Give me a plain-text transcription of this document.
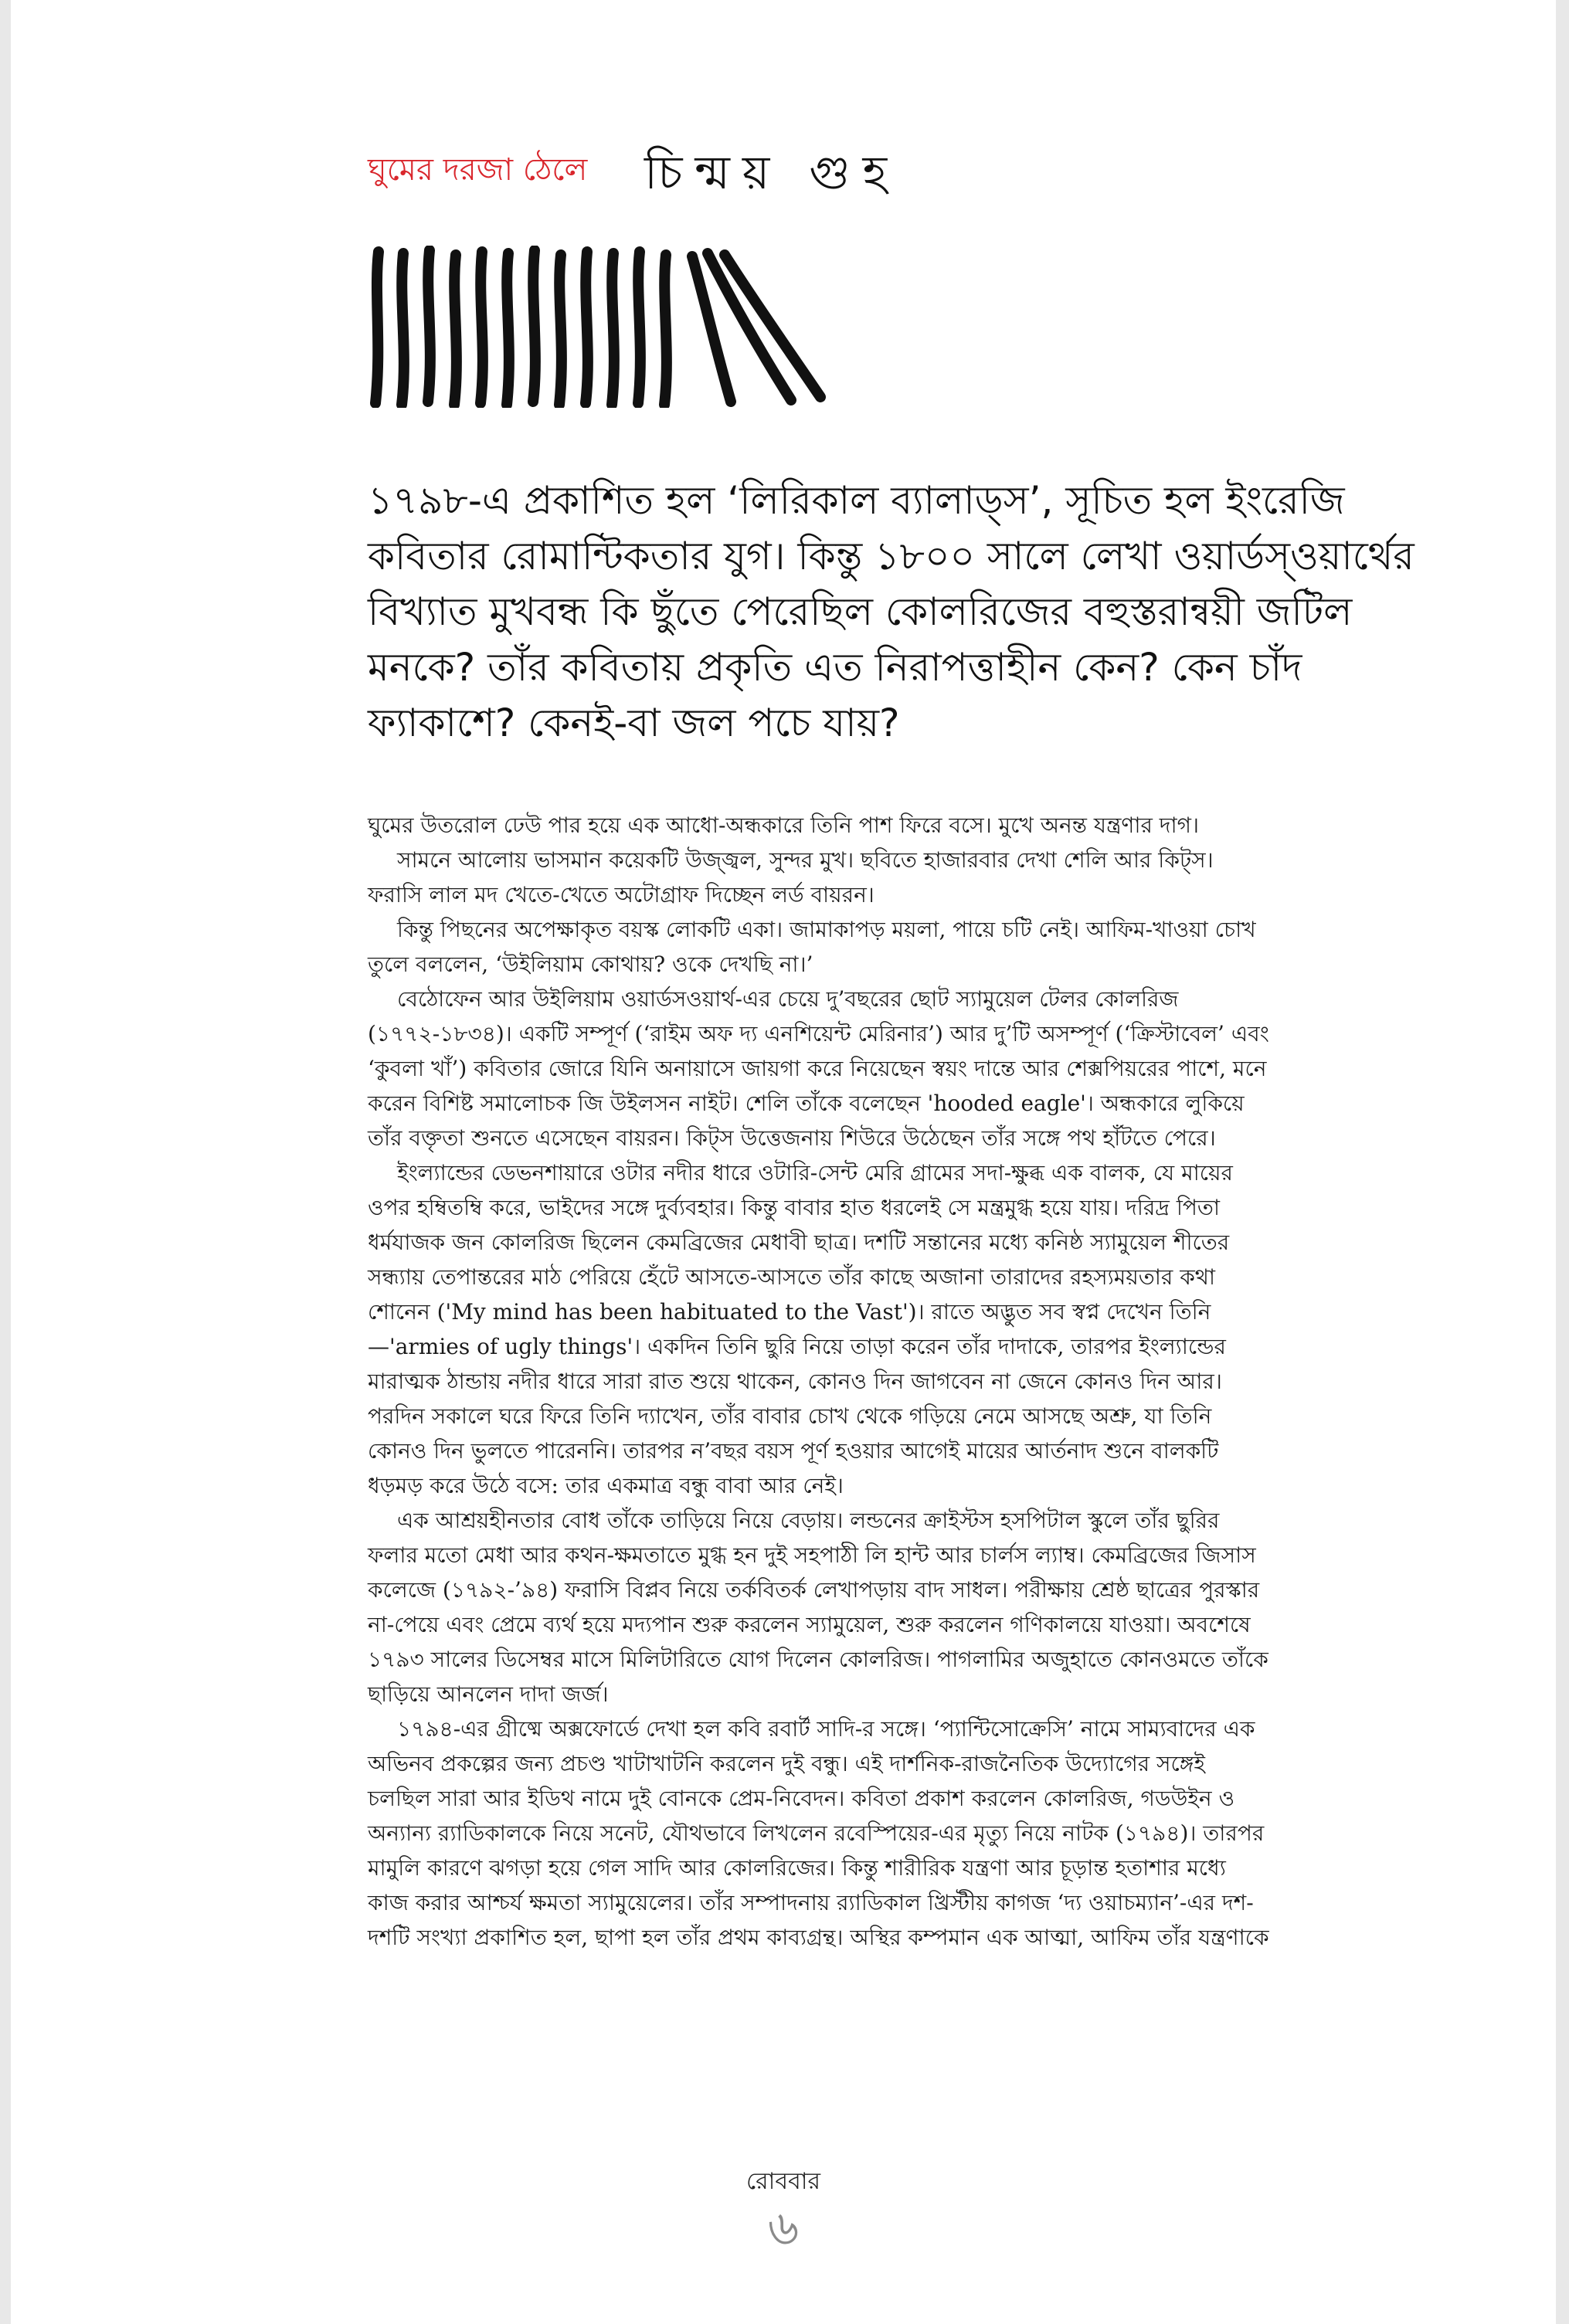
ঘুমের দরজা ঠেলে চিন্ময় গুহ
১৭৯৮-এ প্রকাশিত হল ‘লিরিকাল ব্যালাড্‌স’, সূচিত হল ইংরেজি কবিতার রোমান্টিকতার যুগ। কিন্তু ১৮০০ সালে লেখা ওয়ার্ডস্‌ওয়ার্থের বিখ্যাত মুখবন্ধ কি ছুঁতে পেরেছিল কোলরিজের বহুস্তরান্বয়ী জটিল মনকে? তাঁর কবিতায় প্রকৃতি এত নিরাপত্তাহীন কেন? কেন চাঁদ ফ্যাকাশে? কেনই-বা জল পচে যায়?

ঘুমের উতরোল ঢেউ পার হয়ে এক আধো-অন্ধকারে তিনি পাশ ফিরে বসে। মুখে অনন্ত যন্ত্রণার দাগ।

সামনে আলোয় ভাসমান কয়েকটি উজ্জ্বল, সুন্দর মুখ। ছবিতে হাজারবার দেখা শেলি আর কিট্‌স। ফরাসি লাল মদ খেতে-খেতে অটোগ্রাফ দিচ্ছেন লর্ড বায়রন।

কিন্তু পিছনের অপেক্ষাকৃত বয়স্ক লোকটি একা। জামাকাপড় ময়লা, পায়ে চটি নেই। আফিম-খাওয়া চোখ তুলে বললেন, ‘উইলিয়াম কোথায়? ওকে দেখছি না।’

বেঠোফেন আর উইলিয়াম ওয়ার্ডসওয়ার্থ-এর চেয়ে দু’বছরের ছোট স্যামুয়েল টেলর কোলরিজ (১৭৭২-১৮৩৪)। একটি সম্পূর্ণ (‘রাইম অফ দ্য এনশিয়েন্ট মেরিনার’) আর দু’টি অসম্পূর্ণ (‘ক্রিস্টাবেল’ এবং ‘কুবলা খাঁ’) কবিতার জোরে যিনি অনায়াসে জায়গা করে নিয়েছেন স্বয়ং দান্তে আর শেক্সপিয়রের পাশে, মনে করেন বিশিষ্ট সমালোচক জি উইলসন নাইট। শেলি তাঁকে বলেছেন 'hooded eagle'। অন্ধকারে লুকিয়ে তাঁর বক্তৃতা শুনতে এসেছেন বায়রন। কিট্‌স উত্তেজনায় শিউরে উঠেছেন তাঁর সঙ্গে পথ হাঁটতে পেরে।

ইংল্যান্ডের ডেভনশায়ারে ওটার নদীর ধারে ওটারি-সেন্ট মেরি গ্রামের সদা-ক্ষুব্ধ এক বালক, যে মায়ের ওপর হম্বিতম্বি করে, ভাইদের সঙ্গে দুর্ব্যবহার। কিন্তু বাবার হাত ধরলেই সে মন্ত্রমুগ্ধ হয়ে যায়। দরিদ্র পিতা ধর্মযাজক জন কোলরিজ ছিলেন কেমব্রিজের মেধাবী ছাত্র। দশটি সন্তানের মধ্যে কনিষ্ঠ স্যামুয়েল শীতের সন্ধ্যায় তেপান্তরের মাঠ পেরিয়ে হেঁটে আসতে-আসতে তাঁর কাছে অজানা তারাদের রহস্যময়তার কথা শোনেন ('My mind has been habituated to the Vast')। রাতে অদ্ভুত সব স্বপ্ন দেখেন তিনি—'armies of ugly things'। একদিন তিনি ছুরি নিয়ে তাড়া করেন তাঁর দাদাকে, তারপর ইংল্যান্ডের মারাত্মক ঠান্ডায় নদীর ধারে সারা রাত শুয়ে থাকেন, কোনও দিন জাগবেন না জেনে কোনও দিন আর। পরদিন সকালে ঘরে ফিরে তিনি দ্যাখেন, তাঁর বাবার চোখ থেকে গড়িয়ে নেমে আসছে অশ্রু, যা তিনি কোনও দিন ভুলতে পারেননি। তারপর ন’বছর বয়স পূর্ণ হওয়ার আগেই মায়ের আর্তনাদ শুনে বালকটি ধড়মড় করে উঠে বসে: তার একমাত্র বন্ধু বাবা আর নেই।

এক আশ্রয়হীনতার বোধ তাঁকে তাড়িয়ে নিয়ে বেড়ায়। লন্ডনের ক্রাইস্টস হসপিটাল স্কুলে তাঁর ছুরির ফলার মতো মেধা আর কথন-ক্ষমতাতে মুগ্ধ হন দুই সহপাঠী লি হান্ট আর চার্লস ল্যাম্ব। কেমব্রিজের জিসাস কলেজে (১৭৯২-’৯৪) ফরাসি বিপ্লব নিয়ে তর্কবিতর্ক লেখাপড়ায় বাদ সাধল। পরীক্ষায় শ্রেষ্ঠ ছাত্রের পুরস্কার না-পেয়ে এবং প্রেমে ব্যর্থ হয়ে মদ্যপান শুরু করলেন স্যামুয়েল, শুরু করলেন গণিকালয়ে যাওয়া। অবশেষে ১৭৯৩ সালের ডিসেম্বর মাসে মিলিটারিতে যোগ দিলেন কোলরিজ। পাগলামির অজুহাতে কোনওমতে তাঁকে ছাড়িয়ে আনলেন দাদা জর্জ।

১৭৯৪-এর গ্রীষ্মে অক্সফোর্ডে দেখা হল কবি রবার্ট সাদি-র সঙ্গে। ‘প্যান্টিসোক্রেসি’ নামে সাম্যবাদের এক অভিনব প্রকল্পের জন্য প্রচণ্ড খাটাখাটনি করলেন দুই বন্ধু। এই দার্শনিক-রাজনৈতিক উদ্যোগের সঙ্গেই চলছিল সারা আর ইডিথ নামে দুই বোনকে প্রেম-নিবেদন। কবিতা প্রকাশ করলেন কোলরিজ, গডউইন ও অন্যান্য র‍্যাডিকালকে নিয়ে সনেট, যৌথভাবে লিখলেন রবেস্পিয়ের-এর মৃত্যু নিয়ে নাটক (১৭৯৪)। তারপর মামুলি কারণে ঝগড়া হয়ে গেল সাদি আর কোলরিজের। কিন্তু শারীরিক যন্ত্রণা আর চূড়ান্ত হতাশার মধ্যে কাজ করার আশ্চর্য ক্ষমতা স্যামুয়েলের। তাঁর সম্পাদনায় র‍্যাডিকাল খ্রিস্টীয় কাগজ ‘দ্য ওয়াচম্যান’-এর দশ-দশটি সংখ্যা প্রকাশিত হল, ছাপা হল তাঁর প্রথম কাব্যগ্রন্থ। অস্থির কম্পমান এক আত্মা, আফিম তাঁর যন্ত্রণাকে

রোববার
৬
